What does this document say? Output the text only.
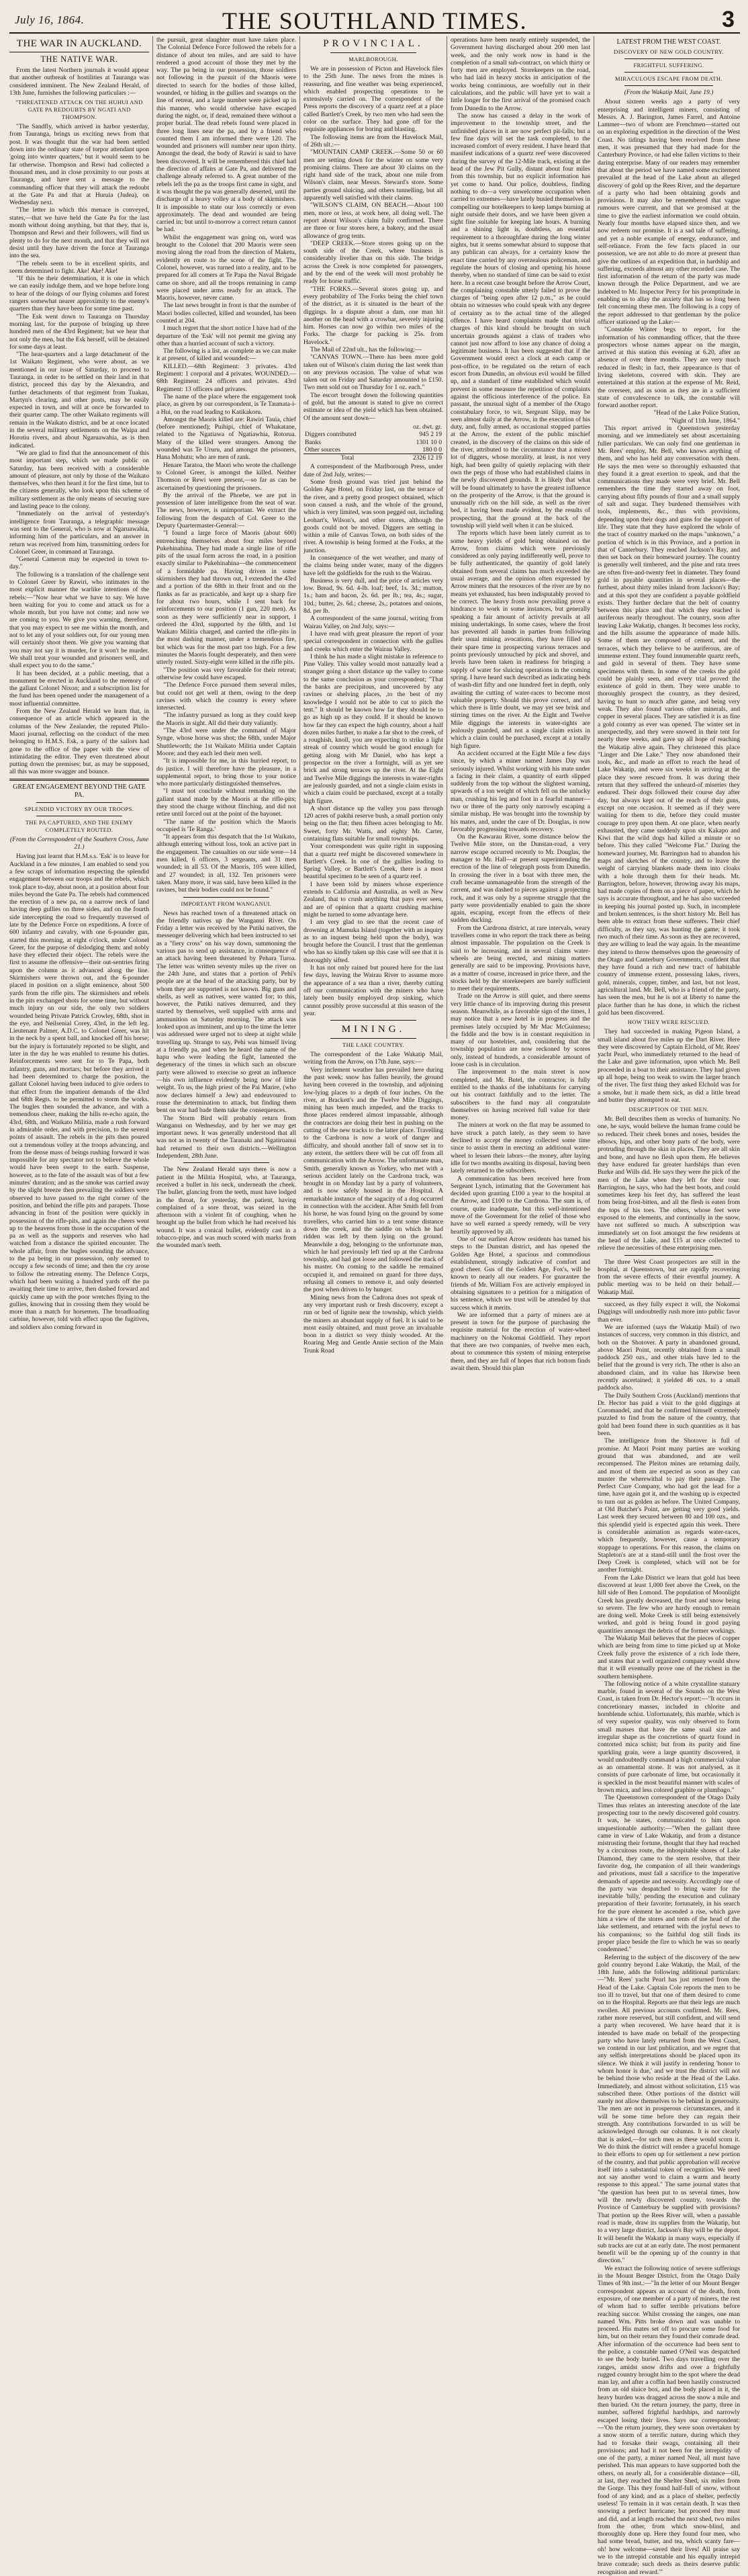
July 16, 1864.	THE SOUTHLAND TIMES.	3
THE WAR IN AUCKLAND.
THE NATIVE WAR.

From the latest Northern journals it would appear that another outbreak of hostilities at Tauranga was considered imminent. The New Zealand Herald, of 13th June, furnishes the following particulars :—

"THREATENED ATTACK ON THE HUHUI AND GATE PA REDOUBTS BY NGATI AND THOMPSON.

"The Sandfly, which arrived in harbor yesterday, from Tauranga, brings us exciting news from that post. It was thought that the war had been settled down into the ordinary state of torpor attendant upon 'going into winter quarters,' but it would seem to be far otherwise. Thompson and Rewi had collected a thousand men, and in close proximity to our posts at Tauranga, and have sent a message to the commanding officer that they will attack the redoubt at the Gate Pa and that at Huruia (Judea), on Wednesday next.

"The letter in which this menace is conveyed, states,—that we have held the Gate Pa for the last month without doing anything, but that they, that is, Thompson and Rewi and their followers, will find us plenty to do for the next month, and that they will not desist until they have driven the force at Tauranga into the sea.

"The rebels seem to be in excellent spirits, and seem determined to fight. Ake! Ake! Ake!

"If this be their determination, it is one in which we can easily indulge them, and we hope before long to hear of the doings of our flying columns and forest rangers somewhat nearer approximity to the enemy's quarters than they have been for some time past.

"The Esk went down to Tauranga on Thursday morning last, for the purpose of bringing up three hundred men of the 43rd Regiment; but we hear that not only the men, but the Esk herself, will be detained for some days at least.

"The hear-quarters and a large detachment of the 1st Waikato Regiment, who were about, as we mentioned in our issue of Saturday, to proceed to Tauranga, in order to be settled on their land in that district, proceed this day by the Alexandra, and further detachments of that regiment from Tuakau, Martyn's clearing, and other posts, may be easily expected in town, and will at once be forwarded to their quarter camp. The other Waikato regiments will remain in the Waikato district, and be at once located in the several military settlements on the Waipa and Horotiu rivers, and about Ngaruawahia, as is then indicated.

"We are glad to find that the announcement of this most important step, which we made public on Saturday, has been received with a considerable amount of pleasure, not only by those of the Waikato themselves, who then heard it for the first time, but to the citizens generally, who look upon this scheme of military settlement as the only means of securing sure and lasting peace to the colony.

"Immediately on the arrival of yesterday's intelligence from Tauranga, a telegraphic message was sent to the General, who is now at Ngaruawahia, informing him of the particulars, and an answer in return was received from him, transmitting orders for Colonel Greer, in command at Tauranga.

"General Cameron may be expected in town to-day."

The following is a translation of the challenge sent to Colonel Greer by Rawiri, who intimates in the most explicit manner the warlike intentions of the rebels:—"Now hear what we have to say. We have been waiting for you to come and attack us for a whole month, but you have not come; and now we are coming to you. We give you warning, therefore, that you may expect to see me within the month, and not to let any of your soldiers out, for our young men will certainly shoot them. We give you warning that you may not say it is murder, for it won't be murder. We shall treat your wounded and prisoners well, and shall expect you to do the same."

It has been decided, at a public meeting, that a monument be erected in Auckland to the memory of the gallant Colonel Nixon; and a subscription list for the fund has been opened under the management of a most influential committee.

From the New Zealand Herald we learn that, in consequence of an article which appeared in the columns of the New Zealander, the reputed Philo-Maori journal, reflecting on the conduct of the men belonging to H.M.S. Esk, a party of the sailors had gone to the office of the paper with the view of intimidating the editor. They even threatened about putting down the premises; but, as may be supposed, all this was more swagger and bounce.

GREAT ENGAGEMENT BEYOND THE GATE PA.
SPLENDID VICTORY BY OUR TROOPS.
THE PA CAPTURED, AND THE ENEMY COMPLETELY ROUTED.
(From the Correspondent of the Southern Cross, June 21.)

Having just learnt that H.M.s.s. 'Esk' is to leave for Auckland in a few minutes, I am enabled to send you a few scraps of information respecting the splendid engagement between our troops and the rebels, which took place to-day, about noon, at a position about four miles beyond the Gate Pa. The rebels had commenced the erection of a new pa, on a narrow neck of land having deep gullies on three sides, and on the fourth side intercepting the road so frequently traversed of late by the Defence Force on expeditions. A force of 600 infantry and cavalry, with one 6-pounder gun, started this morning, at eight o'clock, under Colonel Greer, for the purpose of dislodging them; and nobly have they effected their object. The rebels were the first to assume the offensive—their out-sentries firing upon the column as it advanced along the line. Skirmishers were thrown out, and the 6-pounder placed in position on a slight eminence, about 500 yards from the rifle pits. The skirmishers and rebels in the pits exchanged shots for some time, but without much injury on our side, the only two soldiers wounded being Private Patrick Crowley, 68th, shot in the eye, and Neilsenial Corey, 43rd, in the left leg. Lieutenant Palmer, A.D.C. to Colonel Greer, was hit in the neck by a spent ball, and knocked off his horse; but the injury is fortunately reported to be slight, and later in the day he was enabled to resume his duties. Reinforcements were sent for to Te Papa, both infantry, guns, and mortars; but before they arrived it had been determined to charge the position, the gallant Colonel having been induced to give orders to that effect from the impatient demands of the 43rd and 68th Regts. to be permitted to storm the works. The bugles then sounded the advance, and with a tremendous cheer, making the hills re-echo again, the 43rd, 68th, and Waikato Militia, made a rush forward in admirable order, and with precision, to the several points of assault. The rebels in the pits then poured out a tremendous volley at the troops advancing, and from the dense mass of beings rushing forward it was impossible for any spectator not to believe the whole would have been swept to the earth. Suspense, however, as to the fate of the assault was of but a few minutes' duration; and as the smoke was carried away by the slight breeze then prevailing the soldiers were observed to have passed to the right corner of the position, and behind the rifle pits and parapets. Those advancing in front of the position were quickly in possession of the rifle-pits, and again the cheers went up to the heavens from those in the occupation of the pa as well as the supports and reserves who had watched from a distance the spirited encounter. The whole affair, from the bugles sounding the advance, to the pa being in our possession, only seemed to occupy a few seconds of time; and then the cry arose to follow the retreating enemy. The Defence Corps, which had been waiting a hundred yards off the pa awaiting their time to arrive, then dashed forward and quickly came up with the poor wretches flying to the gullies, knowing that in crossing them they would be more than a match for horsemen. The broadloading carbine, however, told with effect upon the fugitives, and soldiers also coming forward in

the pursuit, great slaughter must have taken place. The Colonial Defence Force followed the rebels for a distance of about ten miles, and are said to have rendered a good account of those they met by the way. The pa being in our possession, those soldiers not following in the pursuit of the Maoris were directed to search for the bodies of those killed, wounded, or hiding in the gullies and swamps on the line of retreat, and a large number were picked up in this manner, who would otherwise have escaped during the night, or, if dead, remained there without a proper burial. The dead rebels found were placed in three long lines near the pa, and by a friend who counted them I am informed there were 120. The wounded and prisoners will number near upon thirty. Amongst the dead, the body of Rawiri is said to have been discovered. It will be remembered this chief had the direction of affairs at Gate Pa, and delivered the challenge already referred to. A great number of the rebels left the pa as the troops first came in sight, and it was thought the pa was generally deserted, until the discharge of a heavy volley at a body of skirmishers. It is impossible to state our loss correctly or even approximately. The dead and wounded are being carried in; but until to-morrow a correct return cannot be had.

Whilst the engagement was going on, word was brought to the Colonel that 200 Maoris were seen moving along the road from the direction of Maketu, evidently en route to the scene of the fight. The Colonel, however, was turned into a reality, and to be prepared for all comers at Te Papa the Naval Brigade came on shore, and all the troops remaining in camp were placed under arms ready for an attack. The Maoris, however, never came.

The last news brought in front is that the number of Maori bodies collected, killed and wounded, has been counted at 204.

I much regret that the short notice I have had of the departure of the 'Esk' will not permit me giving any other than a hurried account of such a victory.

The following is a list, as complete as we can make it at present, of killed and wounded:—

KILLED.—68th Regiment: 3 privates. 43rd Regiment: 1 corporal and 4 privates. WOUNDED.—68th Regiment: 24 officers and privates. 43rd Regiment: 13 officers and privates.

The name of the place where the engagement took place, as given by our correspondent, is Te Taumata-i-a Hui, on the road leading to Katikakoru.

Amongst the Maoris killed are: Rawiri Tauia, chief (before mentioned); Puihipi, chief of Whakatane, related to the Ngatiawa of Ngatiawhia, Rotorua. Many of the killed were strangers. Among the wounded was Te Ururu, and amongst the prisoners, Hana Mohutu; who are men of rank.

Henare Taratoa, the Maori who wrote the challenge to Colonel Greer, is amongst the killed. Neither Thomson or Rewi were present,—so far as can be ascertained by questioning the prisoners.

By the arrival of the Phoebe, we are put in possession of later intelligence from the seat of war. The news, however, is unimportant. We extract the following from the despatch of Col. Greer to the Deputy Quartermaster-General:—

"I found a large force of Maoris (about 600) entrenching themselves about four miles beyond Pukehinahina. They had made a single line of rifle pits of the usual form across the road, in a position exactly similar to Pukehinahina—the commencement of a formidable pa. Having driven in some skirmishers they had thrown out, I extended the 43rd and a portion of the 68th in their front and on the flanks as far as practicable, and kept up a sharp fire for about two hours, while I sent back for reinforcements to our position (1 gun, 220 men). As soon as they were sufficiently near in support, I ordered the 43rd, supported by the 68th, and 1st Waikato Militia charged, and carried the rifle-pits in the most dashing manner, under a tremendous fire, but which was for the most part too high. For a few minutes the Maoris fought desperately, and then were utterly routed. Sixty-eight were killed in the rifle pits.

"The position was very favorable for their retreat; otherwise few could have escaped.

"The Defence Force pursued them several miles, but could not get well at them, owing to the deep ravines with which the country is every where intersected.

"The infantry pursued as long as they could keep the Maoris in sight. All did their duty valiantly.

"The 43rd were under the command of Major Synge, whose horse was shot; the 68th, under Major Shuttleworth; the 1st Waikato Militia under Captain Moore; and they each led their men well.

"It is impossible for me, in this hurried report, to do justice. I will therefore have the pleasure, in a supplemental report, to bring those to your notice who more particularly distinguished themselves.

"I must not conclude without remarking on the gallant stand made by the Maoris at the rifle-pits; they stood the charge without flinching, and did not retire until forced out at the point of the bayonet.

"The name of the position which the Maoris occupied is 'Te Ranga.'

"It appears from this despatch that the 1st Waikato, although entering without loss, took an active part in the engagement. The casualties on our side were—14 men killed, 6 officers, 3 sergeants, and 31 men wounded; in all 53. Of the Maoris, 105 were killed, and 27 wounded; in all, 132. Ten prisoners were taken. Many more, it was said, have been killed in the ravines, but their bodies could not be found."

IMPORTANT FROM WANGANUI.

News has reached town of a threatened attack on the friendly natives up the Wanganui River. On Friday a letter was received by the Putiki natives, the messenger delivering which had been instructed to set as a "fiery cross" on his way down, summoning the various pas to send up assistance, in consequence of an attack having been threatened by Pehara Turoa. The letter was written seventy miles up the river on the 24th June, and states that a portion of Pehi's people are at the head of the attacking party, but by whom they are supported is not known. Big guns and shells, as well as natives, were wanted for; to this, however, the Putiki natives demurred, and they started by themselves, well supplied with arms and ammunition on Saturday morning. The attack was looked upon as imminent, and up to the time the letter was addressed were urged not to sleep at night while travelling up. Strange to say, Pehi was himself living at a friendly pa, and when he heard the name of the hapu who were leading the fight, lamented the degeneracy of the times in which such an obscure party were allowed to exercise so great an influence—his own influence evidently being now of little weight. To us, the high priest of the Pai Marire, (who now declares himself a Jew) and endeavoured to rouse the determination to attack, but finding them bent on war had bade them take the consequences.

The Storm Bird will probably return from Wanganui on Wednesday, and by her we may get important news. It was generally understood that all was not as in twenty of the Taranaki and Ngatiruanui had returned to their own districts.—Wellington Independent, 28th June.

The New Zealand Herald says there is now a patient in the Militia Hospital, who, at Tauranga, received a bullet in his neck, underneath the cheek. The bullet, glancing from the teeth, must have lodged in the throat, for yesterday, the patient, having complained of a sore throat, was seized in the afternoon with a violent fit of coughing, when he brought up the bullet from which he had received his wound. It was a conical bullet, evidently cast in a tobacco-pipe, and was much scored with marks from the wounded man's teeth.

PROVINCIAL.
MARLBOROUGH.

We are in possession of Picton and Havelock files to the 25th June. The news from the mines is reassuring, and fine weather was being experienced, which enabled prospecting operations to be extensively carried on. The correspondent of the Press reports the discovery of a quartz reef at a place called Bartlett's Creek, by two men who had seen the color on the surface. They had gone off for the requisite appliances for boring and blasting.

The following items are from the Havelock Mail, of 26th ult.:—

"MOUNTAIN CAMP CREEK.—Some 50 or 60 men are setting down for the winter on some very promising claims. There are about 30 claims on the right hand side of the track, about one mile from Wilson's claim, near Messrs. Steward's store. Some parties ground sluicing, and others tunnelling, but all apparently well satisfied with their claims.

"WILSON'S CLAIM, ON BEACH.—About 100 men, more or less, at work here, all doing well. The report about Wilson's claim fully confirmed. There are three or four stores here, a bakery, and the usual allowance of grog tents.

"DEEP CREEK.—Store stores going up on the south side of the Creek, where business is considerably livelier than on this side. The bridge across the Creek is now completed for passengers, and by the end of the week will most probably be ready for horse traffic.

"THE FORKS.—Several stores going up, and every probability of The Forks being the chief town of the district, as it is situated in the heart of the diggings. In a dispute about a dam, one man hit another on the head with a crowbar, severely injuring him. Horses can now go within two miles of the Forks. The charge for packing is 25s. from Havelock."

The Mail of 22nd ult., has the following:—

"CANVAS TOWN.—There has been more gold taken out of Wilson's claim during the last week than on any previous occasion. The value of what was taken out on Friday and Saturday amounted to £150. Two men sold out on Thursday for 1 oz. each."

The escort brought down the following quantities of gold, but the amount is stated to give no correct estimate or idea of the yield which has been obtained. Of the amount sent down—

	oz. dwt. gr.
Diggers contributed	945 2 19
Banks	1301 10 0
Other sources	180 0 0
Total	2326 12 19

A correspondent of the Marlborough Press, under date of 2nd July, writes:—

Some fresh ground was tried just behind the Golden Age Hotel, on Friday last, on the terrace of the river, and a pretty good prospect obtained, which soon caused a rush, and the whole of the ground, which is very limited, was soon pegged out, including Leohart's, Wilson's, and other stores, although the goods could not be moved. Diggers are setting in within a mile of Canvas Town, on both sides of the river. A township is being formed at the Forks, at the junction.

In consequence of the wet weather, and many of the claims being under water, many of the diggers have left the goldfields for the rush to the Wairau.

Business is very dull, and the price of articles very low. Bread, 9s. 6d. 4-lb. loaf; beef, 1s. 3d.; mutton, 1s.; ham and bacon, 2s. 6d. per lb.; tea, 4s.; sugar, 10d.; butter, 2s. 6d.; cheese, 2s.; potatoes and onions, 8d. per lb.

A correspondent of the same journal, writing from Wairau Valley, on 2nd July, says:—

I have read with great pleasure the report of your special correspondent in connection with the gullies and creeks which enter the Wairau Valley.

I think he has made a slight mistake in reference to Pine Valley. This valley would most naturally lead a stranger going a short distance up the valley to come to the same conclusion as your correspondent; "That the banks are precipitous, and uncovered by any ravines or shelving places, ,to the best of my knowledge I would not be able to cut to pitch the tent." It should be known how far they should be to go as high up as they could. If it should be known how far they can expect the high country, about a half dozen miles further, to make a far shot to the creek, of a roughish, knoll, you are expecting to strike a light streak of country which would be good enough for getting along with Mr Daniel, who has kept a prospector on the river a fortnight, will as yet see brick and strong terraces up the river. At the Eight and Twelve Mile diggings the interests in water-rights are jealously guarded, and not a single claim exists in which a claim could be purchased, except at a totally high figure.

A short distance up the valley you pass through 120 acres of pakihi reserve bush, a small portion only being on the flat; then fifteen acres belonging to Mr. Sweet, forty Mr. Watts, and eighty Mr. Carter, containing flats suitable for small townships.

Your correspondent was quite right in supposing that a quartz reef might be discovered somewhere in Bartlett's Creek. In one of the gullies leading to Spring Valley, or Bartlett's Creek, there is a most beautiful specimen to be seen of a quartz reef.

I have been told by miners whose experience extends to California and Australia, as well as New Zealand, that to crush anything that pays ever seen, and are of opinion that a quartz crushing machine might be turned to some advantage here.

I am very glad to see that the recent case of drowning at Mamuka Island (together with an inquiry as to an inquest being held upon the body), was brought before the Council. I trust that the gentleman who has so kindly taken up this case will see that it is thoroughly sifted.

It has not only rained but poured here for the last few days, leaving the Wairau River to assume more the appearance of a sea than a river, thereby cutting off our communication with the miners who have lately been busily employed drop sinking, which cannot possibly prove successful at this season of the year.

MINING.
THE LAKE COUNTRY.

The correspondent of the Lake Wakatip Mail, writing from the Arrow, on 17th June, says:—

Very inclement weather has prevailed here during the past week; snow has fallen heavily, the ground having been covered in the township, and adjoining low-lying places to a depth of four inches. On the river, at Brackett's and the Twelve Mile Diggings, mining has been much impeded, and the tracks to those places rendered almost impassable, although the contractors are doing their best in pushing on the cutting of the new tracks to the latter place. Travelling to the Cardrona is now a work of danger and difficulty, and should another fall of snow set in to any extent, the settlers there will be cut off from all communication with the Arrow. The unfortunate man, Smith, generally known as Yorkey, who met with a serious accident lately on the Cardrona track, was brought in on Monday last by a party of volunteers, and is now safely housed in the Hospital. A remarkable instance of the sagacity of a dog occurred in connection with the accident. After Smith fell from his horse, he was found lying on the ground by some travellers, who carried him to a tent some distance down the creek, and the saddle on which he had ridden was left by them lying on the ground. Meanwhile a dog, belonging to the unfortunate man, which he had previously left tied up at the Cardrona township, and had got loose and followed the track of his master. On coming to the saddle he remained occupied it, and remained on guard for three days, refusing all comers to remove it, and only deserted the post when driven to by hunger.

Mining news from the Cadrona does not speak of any very important rush or fresh discovery, except a run or bed of lignite near the township, which yields the miners an abundant supply of fuel. It is said to be most easily obtained, and must prove an invaluable boon in a district so very thinly wooded. At the Roaring Meg and Gentle Annie section of the Main Trunk Road

operations have been nearly entirely suspended, the Government having discharged about 200 men last week, and the only work now in hand is the completion of a small sub-contract, on which thirty or forty men are employed. Storekeepers on the road, who had laid in heavy stocks in anticipation of the works being continuous, are woefully out in their calculations, and the public will have yet to wait a little longer for the first arrival of the promised coach from Dunedin to the Arrow.

The snow has caused a delay in the work of improvement to the township street, and the unfinished places in it are now perfect pit-falls; but a few fine days will set the task completed, to the increased comfort of every resident. I have heard that manifest indications of a quartz reef were discovered during the survey of the 12-Mile track, existing at the head of the Jew Pit Gully, distant about four miles from this township, but no explicit information has yet come to hand. Our police, doubtless, finding nothing to do—a very unwelcome occupation when carried to extremes—have lately busied themselves in compelling our hotelkeepers to keep lamps burning at night outside their doors, and we have been given a sight fine suitable for keeping late hours. A burning and a shining light is, doubtless, an essential requirement to a thoroughfare during the long winter nights, but it seems somewhat absurd to suppose that any publican can always, for a certainty know the exact time carried by any overzealous policeman, and regulate the hours of closing and opening his house thereby, when no standard of time can be said to exist here. In a recent case brought before the Arrow Court, the complaining constable utterly failed to prove the charges of "being open after 12 p.m.," as he could obtain no witnesses who could speak with any degree of certainty as to the actual time of the alleged offence. I have heard complaints made that trivial charges of this kind should be brought on such uncertain grounds against a class of traders who cannot just now afford to lose any chance of doing a legitimate business. It has been suggested that if the Government would erect a clock at each camp or post-office, to be regulated on the return of each escort from Dunedin, an obvious evil would be filled up, and a standard of time established which would prevent in some measure the repetition of complaints against the officious interference of the police. En passant, the unusual sight of a member of the Otago constabulary force, to wit, Sergeant Slipp, may be seen almost daily at the Arrow, in the execution of his duty, and, fully armed, as occasional stopped parties at the Arrow, the extent of the public mischief created, in the discovery of the claims on this side of the river, attributed to the circumstance that a mixed lot of diggers, whose morality, at least, is not very high, had been guilty of quietly replacing with their own the pegs of those who had established claims in the newly discovered grounds. It is likely that what will be found ultimately to have the greatest influence on the prosperity of the Arrow, is that the ground is unusually rich on the hill side, as well as the river bed, it having been made evident, by the results of prospecting, that the ground at the back of the township will yield well when it can be sluiced.

The reports which have been lately current as to some heavy yields of gold being obtained on the Arrow, from claims which were previously considered as only paying indifferently well, prove to be fully authenticated, the quantity of gold lately obtained from several claims has much exceeded the usual average, and the opinion often expressed by Arrow miners that the resources of the river are by no means yet exhausted, has been indisputably proved to be correct. The heavy frosts now prevailing prove a hindrance to work in some instances, but generally speaking a fair amount of activity prevails at all mining undertakings. In some cases, where the frost has prevented all hands in parties from following their usual mining avocations, they have filled up their spare time in prospecting various terraces and points previously untouched by pick and shovel, and levels have been taken in readiness for bringing a supply of water for sluicing operations in the coming spring. I have heard such described as indicating beds of wash-dirt fifty and one hundred feet in depth, only awaiting the cutting of water-races to become most valuable property. Should this prove correct, and of which there is little doubt, we may yet see brisk and stirring times on the river. At the Eight and Twelve Mile diggings the interests in water-rights are jealously guarded, and not a single claim exists in which a claim could be purchased, except at a totally high figure.

An accident occurred at the Eight Mile a few days since, by which a miner named James Day was seriously injured. Whilst working with his mate under a facing in their claim, a quantity of earth slipped suddenly from the top without the slightest warning, upwards of a ton weight of which fell on the unlucky man, crushing his leg and foot in a fearful manner—two or three of the party only narrowly escaping a similar mishap. He was brought into the township by his mates, and, under the care of Dr. Douglas, is now favorably progressing towards recovery.

On the Kawarau River, some distance below the Twelve Mile store, on the Dunstan-road, a very narrow escape occurred recently to Mr. Douglas, the manager to Mr. Hall—at present superintending the erection of the line of telegraph posts from Dunedin. In crossing the river in a boat with three men, the craft became unmanageable from the strength of the current, and was dashed to pieces against a projecting rock, and it was only by a supreme struggle that the party were providentially enabled to gain the shore again, escaping, except from the effects of their sudden ducking.

From the Cardrona district, at rare intervals, weary travellers come in who report the track there as being almost impassable. The population on the Creek is said to be increasing, and in several claims water-wheels are being erected, and mining matters generally are said to be improving. Provisions have, as a matter of course, increased in price there, and the stocks held by the storekeepers are barely sufficient to meet their requirements.

Trade on the Arrow is still quiet, and there seems very little chance of its improving during this present season. Meanwhile, as a favorable sign of the times, I may notice that a new hotel is in progress and the premises lately occupied by Mr Mac McGuinness; the fiddle and the bow is in constant requisition in many of our hostelries, and, considering that the township population are now reckoned by scores only, instead of hundreds, a considerable amount of loose cash is in circulation.

The improvement to the main street is now completed, and Mr. Butel, the contractor, is fully entitled to the thanks of the inhabitants for carrying out his contract faithfully and to the letter. The subscribers to the fund may all congratulate themselves on having received full value for their money.

The miners at work on the flat may be assumed to have struck a patch lately, as they seem to have declined to accept the money collected some time since to assist them in erecting an additional water-wheel to lessen their labors—the money, after laying idle for two months awaiting its disposal, having been lately returned to the subscribers.

A communication has been received here from Sergeant Lynch, intimating that the Government has decided upon granting £100 a year to the hospital at the Arrow, and £100 to the Cardrona. The sum is, of course, quite inadequate, but this well-intentioned move of the Government for the relief of those who have so well earned a speedy remedy, will be very heartily approved by all.

One of our earliest Arrow residents has turned his steps to the Dunstan district, and has opened the Golden Age Hotel, a spacious and commodious establishment, strongly indicative of comfort and good cheer. Gus of the Golden Age, Fox's, will be known to nearly all our readers. For guarantee the friends of Mr. William Fox are actively employed in obtaining signatures to a petition for a mitigation of his sentence, which we trust will be attended by that success which it merits.

We are informed that a party of miners are at present in town for the purpose of purchasing the requisite material for the erection of water-wheel machinery on the Nokomai Goldfield. They report that there are two companies, of twelve men each, about to commence this system of mining enterprise there, and they are full of hopes that rich bottom finds await them. Should this plan

LATEST FROM THE WEST COAST.
DISCOVERY OF NEW GOLD COUNTRY.
FRIGHTFUL SUFFERING.
MIRACULOUS ESCAPE FROM DEATH.
(From the Wakatip Mail, June 19.)

About sixteen weeks ago a party of very enterprising and intelligent miners, consisting of Messrs. A. J. Barington, James Farrel, and Antoine Lammer—two of whom are Frenchmen—started out on an exploring expedition in the direction of the West Coast. No tidings having been received from these men, it was presumed that they had made for the Canterbury Province, or had else fallen victims to their daring enterprise. Many of our readers may remember that about the period we have named some excitement prevailed at the head of the Lake about an alleged discovery of gold up the Rees River, and the departure of a party who had been obtaining goods and provisions. It may also be remembered that vague rumours were current, and that we promised at the time to give the earliest information we could obtain. Nearly four months have elapsed since then, and we now redeem our promise. It is a sad tale of suffering, and yet a noble example of energy, endurance, and self-reliance. From the few facts placed in our possession, we are not able to do more at present than give the outlines of an expedition that, in hardship and suffering, exceeds almost any other recorded case. The first information of the return of the party was made known through the Police Department, and we are indebted to Mr. Inspector Percy for his promptitude in enabling us to allay the anxiety that has so long been felt concerning these men. The following is a copy of the report addressed to that gentleman by the police officer stationed up the Lake:—

"Constable Winter begs to report, for the information of his commanding officer, that the three prospectors whose names appear on the margin, arrived at this station this evening at 6.20, after an absence of over three months. They are very much reduced in flesh; in fact, their appearance is that of living skeletons, covered with skin. They are entertained at this station at the expense of Mr. Reid, the overseer, and as soon as they are in a sufficient state of convalescence to talk, the constable will forward another report.

"Head of the Lake Police Station,

"Night of 11th June, 1864."

This report arrived in Queenstown yesterday morning, and we immediately set about ascertaining fuller particulars. We can only find one gentleman in Mr. Rees' employ, Mr. Bell, who knows anything of them, and who has held any conversation with them. He says the men were so thoroughly exhausted that they found it a great exertion to speak, and that the communications they made were very brief. Mr. Bell remembers the time they started away on foot, carrying about fifty pounds of flour and a small supply of salt and sugar. They burdened themselves with tools, implements, &c., thus with provisions, depending upon their dogs and guns for the support of life. They state that they have explored the whole of the tract of country marked on the maps "unknown," a portion of which is in this Province, and a portion in that of Canterbury. They reached Jackson's Bay, and then set back on their homeward journey. The country is generally well timbered, and the pine and rata trees are often five-and-twenty feet in diameter. They found gold in payable quantities in several places—the furthest, about thirty miles inland from Jackson's Bay; and at this spot they are confident a payable goldfield exists. They further declare that the belt of country between this place and that which they reached is auriferous nearly throughout. The country, soon after leaving Lake Wakatip, changes. It becomes less rocky, and the hills assume the appearance of made hills. Some of them are composed of cement, and the terraces, which they believe to be auriferous, are of immense extent. They found innumerable quartz reefs, and gold in several of them. They have some specimens with them. In some of the creeks the gold could be plainly seen, and every trial proved the existence of gold in them. They were unable to thoroughly prospect the country, as they desired, having to hunt so much after game, and being very weak. They also found various other minerals, and copper in several places. They are satisfied it is as fine a gold country as ever was opened. The winter set in unexpectedly, and they were snowed in their tent for nearly three weeks, and gave up all hope of reaching the Wakatip alive again. They christened this place "Linger and Die Lake." They now abandoned their tools, &c., and made an effort to reach the head of Lake Wakatip, and were six weeks in arriving at the place they were rescued from. It was during their return that they suffered the unheard-of miseries they endured. Their dogs followed their course day after day, but always kept out of the reach of their guns, except on one occasion. It seemed as if they were waiting for them to die, before they could muster courage to prey upon them. At one place, when nearly exhausted, they came suddenly upon six Kakapo and Kiwi that the wild dogs had killed a minute or so before. This they called "Welcome Flat." During the homeward journey, Mr. Barrington had to abandon his maps and sketches of the country, and to leave the weight of carrying blankets made them into cloaks with a hole through them for their heads. Mr. Barrington, before, however, throwing away his maps, had made copies of them on a piece of paper, which he says is accurate throughout, and he has also succeeded in keeping his journal posted up. Such, in incomplete and broken sentences, is the short history Mr. Bell has been able to extract from these sufferers. Their chief difficulty, as they say, was hunting the game; it took two much of their time. As soon as they are recovered, they are willing to lead the way again. In the meantime they intend to throw themselves upon the generosity of the Otago and Canterbury Governments, confident that they have found a rich and new tract of habitable country of immense extent, possessing lakes, rivers, gold, minerals, copper, timber, and last, but not least, agricultural land. Mr. Bell, who is a friend of the party, has seen the men, but he is not at liberty to name the place further than he has done, in which the richest gold has been discovered.

HOW THEY WERE RESCUED.

They had succeeded in making Pigeon Island, a small island about five miles up the Dart River. Here they were discovered by Captain Elchold, of Mr. Rees' yacht Pearl, who immediately returned to the head of the Lake and gave information, upon which Mr. Bell proceeded in a boat to their assistance. They had given up all hope, being too weak to swim the larger branch of the river. The first thing they asked Elchold was for a smoke, but it made them sick, as did a little bread and butter they attempted to eat.

DESCRIPTION OF THE MEN.

Mr. Bell describes them as wrecks of humanity. No one, he says, would believe the human frame could be so reduced. Their cheek bones and noses, besides the elbows, hips, and other bony parts of the body, were protruding through the skin in places. They are all skin and bone, and have no flesh upon them. He believes they have endured far greater hardships than even Burke and Wills did. He says they were the pick of the men of the Lake when they left for their tour. Barrington, he says, who had the best boots, and could sometimes keep his feet dry, has suffered the least from being frost-bitten, and all the flesh is eaten from the tops of his toes. The others, whose feet were exposed to the elements, and continually in the snow, have not suffered so much. A subscription was immediately set on foot amongst the few residents at the head of the Lake, and £15 at once collected to relieve the necessities of these enterprising men.

The three West Coast prospectors are still in the hospital, at Queenstown, but are rapidly recovering from the severe effects of their eventful journey. A public meeting was to be held on their behalf.—Wakatip Mail.

succeed, as they fully expect it will, the Nokomai Diggings will undoubtedly rush more into public favor than ever.

We are informed (says the Wakatip Mail) of two instances of success, very common in this district, and both on the Shotover. A party in abandoned ground, above Maori Point, recently obtained from a small paddock 250 ozs., and other trials have led to the belief that the ground is very rich. The other is also an abandoned claim, and its value has likewise been recently ascertained; it yielded 46 ozs. to a small paddock also.

The Daily Southern Cross (Auckland) mentions that Dr. Hector has paid a visit to the gold diggings at Coromandel, and that he confirmed himself extremely puzzled to find from the nature of the country, that gold had been found there in such quantities as it has been.

The intelligence from the Shotover is full of promise. At Maori Point many parties are working ground that was abandoned, and are well recompensed. The Pleiton mines are returning daily, and most of them are expected as soon as they can muster the wherewithal to pay their passage. The Perfect Cure Company, who had got the lead for a time, have again got it, and the washing up is expected to turn out as golden as before. The United Company, at Old Butcher's Point, are getting very good yields. Last week they secured between 80 and 100 ozs., and this splendid yield is expected again this week. There is considerable animation as regards water-races, which frequently, however, cause a temporary stoppage to operations. For this reason, the claims on Stapleton's are at a stand-still until the frost over the Deep Creek is completed, which will not be for another fortnight.

From the Lake District we learn that gold has been discovered at least 1,000 feet above the Creek, on the hill side of Ben Lomond. The population of Moonlight Creek has greatly decreased, the frost and snow being so severe. The few who are hardy enough to remain are doing well. Moke Creek is still being extensively worked, and gold is being found in good paying quantities amongst the debris of the former workings.

The Wakatip Mail believes that the pieces of copper which are being from time to time picked up at Moke Creek fully prove the existence of a rich lode there, and states that a well organized company would show that it will eventually prove one of the richest in the southern hemisphere.

The following notice of a white crystalline statuary marble, found in several of the Sounds on the West Coast, is taken from Dr. Hector's report:—"It occurs in concretionary masses, included in chlorite and hornblende schist. Unfortunately, this marble, which is of very superior quality, was only observed to form small masses that have the same snail size and irregular shape as the concretions of quartz found in contorted mica schist; but from its purity and fine sparkling grain, were a large quantity discovered, it would undoubtedly command a high commercial value as an ornamental stone. It was not analysed, as it consists of pure carbonate of lime, but occasionally it is speckled in the most beautiful manner with scales of brown mica, and less colored graphite or plumbago."

The Queenstown correspondent of the Otago Daily Times thus relates an interesting anecdote of the late prospecting tour to the newly discovered gold country. It was, he states, communicated to him upon unquestionable authority:—"When the gallant three came in view of Lake Wakatip, and from a distance mistrusting their fortune, thought that they had reached by a circuitous route, the inhospitable shores of Lake Diamond, they came to the stern resolve, that their favorite dog, the companion of all their wanderings and privations, must fall a sacrifice to the imperative demands of appetite and necessity. Accordingly one of the party was despatched to bring water for the inevitable 'billy,' pending the execution and culinary preparation of their favorite; fortunately, in his search for the pure element he ascended a rise, which gave him a view of the stores and tents of the head of the lake settlement, and returned with the joyful news to his companions; so the faithful dog still finds its proper place beside the fire to which he was so nearly condemned."

Referring to the subject of the discovery of the new gold country beyond Lake Wakatip, the Mail, of the 18th June, adds the following additional particulars:—"Mr. Rees' yacht Pearl has just returned from the Head of the Lake. Captain Cole reports the men to be too ill to travel, but that one of them desired to come on to the Hospital. Reports are that their legs are much swollen. All previous accounts confirmed. Mr. Rees, rather more reserved, but still confident, and will send a party when recovered. We have heard that it is intended to have made on behalf of the prospecting party who have lately returned from the West Coast, we contend in our last publication, and we regret that any selfish interpretations should be placed upon its silence. We think it will justify in rendering 'honor to whom honor is due,' and we trust the district will not be behind those who reside at the Head of the Lake. Immediately, and almost without solicitation, £15 was subscribed there. Other portions of the district will surely not allow themselves to be behind in generosity. The men are not in prosperous circumstances, and it will be some time before they can regain their strength. Any contributions forwarded to us will be acknowledged through our columns. It is not clearly that is asked,—for such men as these would scorn it. We do think the district will render a graceful homage to their efforts to open up for settlement a new portion of the country, and that public approbation will receive itself into a substantial token of recognition. We need not say another word to claim a warm and hearty response to this appeal." The same journal states that "the question has been put to us several times, how will the newly discovered country, towards the Province of Canterbury be supplied with provisions? That portion up the Rees River will, when a passable road is made, draw its supplies from the Wakatip, but to a very large district, Jackson's Bay will be the depot. It will benefit the Wakatip in many ways, especially if sub tracks are cut at an early date. The most permanent benefit will be the opening up of the country in that direction."

We extract the following notice of severe sufferings in the Mount Benger District, from the Otago Daily Times of 9th inst.:—"In the letter of our Mount Benger correspondent appears an account of the death, from exposure, of one member of a party of miners, the rest of whom had to suffer terrible privations before reaching succor. Whilst crossing the ranges, one man named Wm. Pitts broke down and was unable to proceed. His mates set off to procure some food for him, but on their return they found their comrade dead. After information of the occurrence had been sent to the police, a constable named O'Neil was despatched to see the body buried. Two days travelling over the ranges, amidst snow drifts and over a frightfully rugged country brought him to the spot where the dead man lay, and after a coffin had been hastily constructed from an old sluice box, and the body placed in it, the heavy burden was dragged across the snow a mile and then buried. On the return journey, the party, three in number, suffered frightful hardships, and narrowly escaped losing their lives. Says our correspondent:—'On the return journey, they were soon overtaken by a snow storm of a terrific nature, during which they had to forsake their swags, containing all their provisions; and had it not been for the intrepidity of one of the party, a miner named Neal, all must have perished. This man appears to have supported both the others, on nearly all, for a considerable distance—till, at last, they reached the Shelter Shed, six miles from the Gorge. This they found half-full of snow, without food of any kind; and as a place of shelter, perfectly useless! To remain in it was certain death. It was then snowing a perfect hurricane; but proceed they must and did, and at length reached the next shed, two miles from the other, from which snow-blind, and thoroughly done up. Here they found four men, who had some bread, butter, and tea, which scanty fare—oh! how welcome—saved their lives! All praise say we to the intrepid constable and his equally intrepid brave comrade; such deeds as theirs deserve public recognition and reward.'"
